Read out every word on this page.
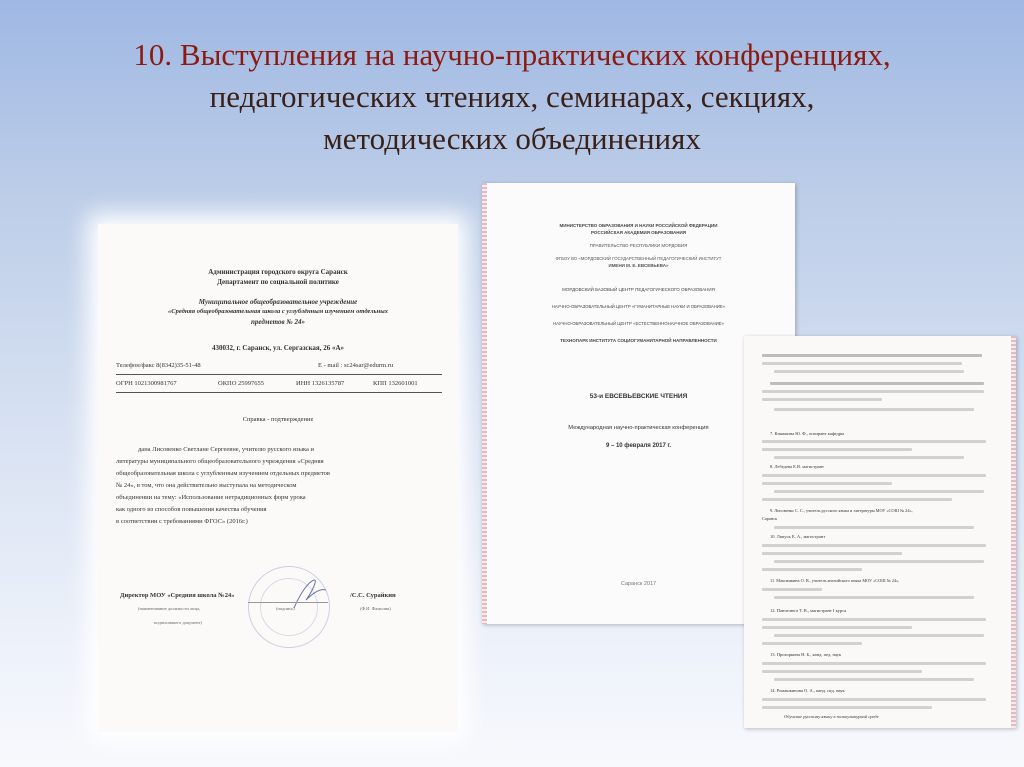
10. Выступления на научно-практических конференциях,
педагогических чтениях, семинарах, секциях,
методических объединениях
Администрация городского округа Саранск
Департамент по социальной политике
Муниципальное общеобразовательное учреждение
«Средняя общеобразовательная школа с углублённым изучением отдельных
предметов № 24»
430032, г. Саранск, ул. Сергазская, 26 «А»
Телефон/факс 8(8342)35-51-48	E - mail : sc24sar@edurm.ru
ОГРН 1021300981767	ОКПО 25997655	ИНН 1326135787	КПП 132601001
Справка - подтверждение
дана Лисовенко Светлане Сергеевне, учителю русского языка и
литературы муниципального общеобразовательного учреждения «Средняя
общеобразовательная школа с углубленным изучением отдельных предметов
№ 24», в том, что она действительно выступала на методическом
объединении на тему: «Использование нетрадиционных форм урока
как одного из способов повышения качества обучения
в соответствии с требованиями ФГОС» (2016г.)
Директор МОУ «Средняя школа №24»	/С.С. Сурайкин
(наименование должности лица,	(подпись)	(Ф.И. Фамилия)
подписавшего документ)
МИНИСТЕРСТВО ОБРАЗОВАНИЯ И НАУКИ РОССИЙСКОЙ ФЕДЕРАЦИИ
РОССИЙСКАЯ АКАДЕМИЯ ОБРАЗОВАНИЯ
ПРАВИТЕЛЬСТВО РЕСПУБЛИКИ МОРДОВИЯ
ФГБОУ ВО «МОРДОВСКИЙ ГОСУДАРСТВЕННЫЙ ПЕДАГОГИЧЕСКИЙ ИНСТИТУТ
ИМЕНИ М. Е. ЕВСЕВЬЕВА»
МОРДОВСКИЙ БАЗОВЫЙ ЦЕНТР ПЕДАГОГИЧЕСКОГО ОБРАЗОВАНИЯ
НАУЧНО-ОБРАЗОВАТЕЛЬНЫЙ ЦЕНТР «ГУМАНИТАРНЫЕ НАУКИ И ОБРАЗОВАНИЕ»
НАУЧНО-ОБРАЗОВАТЕЛЬНЫЙ ЦЕНТР «ЕСТЕСТВЕННОНАУЧНОЕ ОБРАЗОВАНИЕ»
ТЕХНОПАРК ИНСТИТУТА СОЦИОГУМАНИТАРНОЙ НАПРАВЛЕННОСТИ
53-и ЕВСЕВЬЕВСКИЕ ЧТЕНИЯ
Международная научно-практическая конференция
9 – 10 февраля 2017 г.
Саранск 2017
7. Княжкина Ю. Ф., аспирант кафедры
8. Лебедева Е.В. магистрант
9. Лисовенко С. С., учитель русского языка и литературы МОУ «СОШ № 24»,
Саранск
10. Ляпуск Е. А., магистрант
11. Максимкина О. В., учитель английского языка МОУ «СОШ № 24»,
12. Панчелюга Т. В., магистрант I курса
13. Прохоркина Н. Б., канд. пед. наук
14. Ромашкинова О. А., канд. пед. наук
Обучение русскому языку в поликультурной среде
